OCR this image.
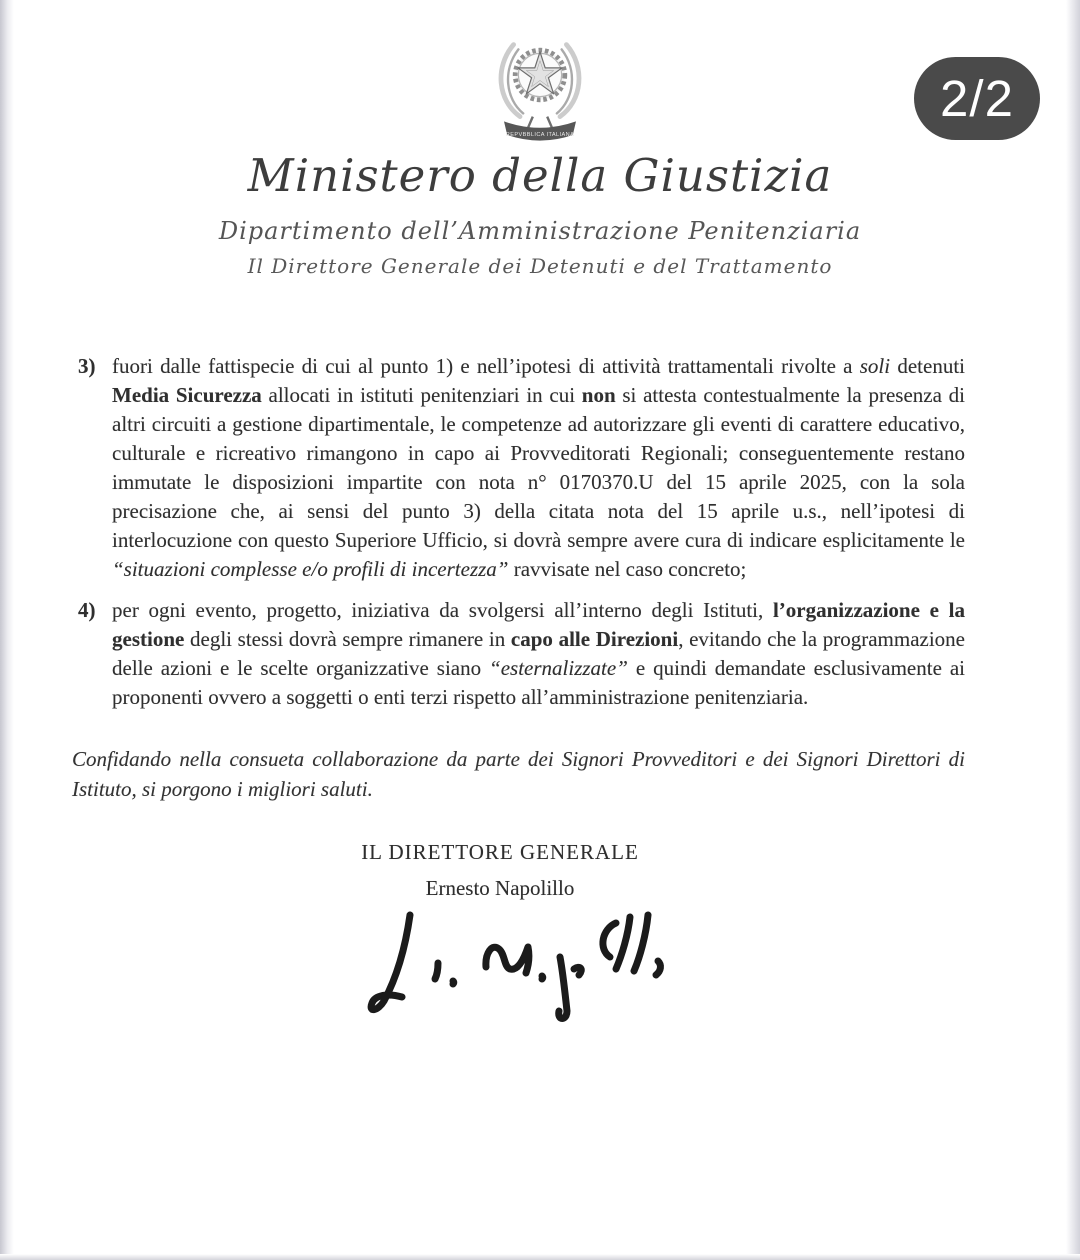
2/2
REPVBBLICA ITALIANA
Ministero della Giustizia
Dipartimento dell’Amministrazione Penitenziaria
Il Direttore Generale dei Detenuti e del Trattamento
3) fuori dalle fattispecie di cui al punto 1) e nell’ipotesi di attività trattamentali rivolte a soli detenuti Media Sicurezza allocati in istituti penitenziari in cui non si attesta contestualmente la presenza di altri circuiti a gestione dipartimentale, le competenze ad autorizzare gli eventi di carattere educativo, culturale e ricreativo rimangono in capo ai Provveditorati Regionali; conseguentemente restano immutate le disposizioni impartite con nota n° 0170370.U del 15 aprile 2025, con la sola precisazione che, ai sensi del punto 3) della citata nota del 15 aprile u.s., nell’ipotesi di interlocuzione con questo Superiore Ufficio, si dovrà sempre avere cura di indicare esplicitamente le “situazioni complesse e/o profili di incertezza” ravvisate nel caso concreto;
4) per ogni evento, progetto, iniziativa da svolgersi all’interno degli Istituti, l’organizzazione e la gestione degli stessi dovrà sempre rimanere in capo alle Direzioni, evitando che la programmazione delle azioni e le scelte organizzative siano “esternalizzate” e quindi demandate esclusivamente ai proponenti ovvero a soggetti o enti terzi rispetto all’amministrazione penitenziaria.

Confidando nella consueta collaborazione da parte dei Signori Provveditori e dei Signori Direttori di Istituto, si porgono i migliori saluti.

IL DIRETTORE GENERALE
Ernesto Napolillo
